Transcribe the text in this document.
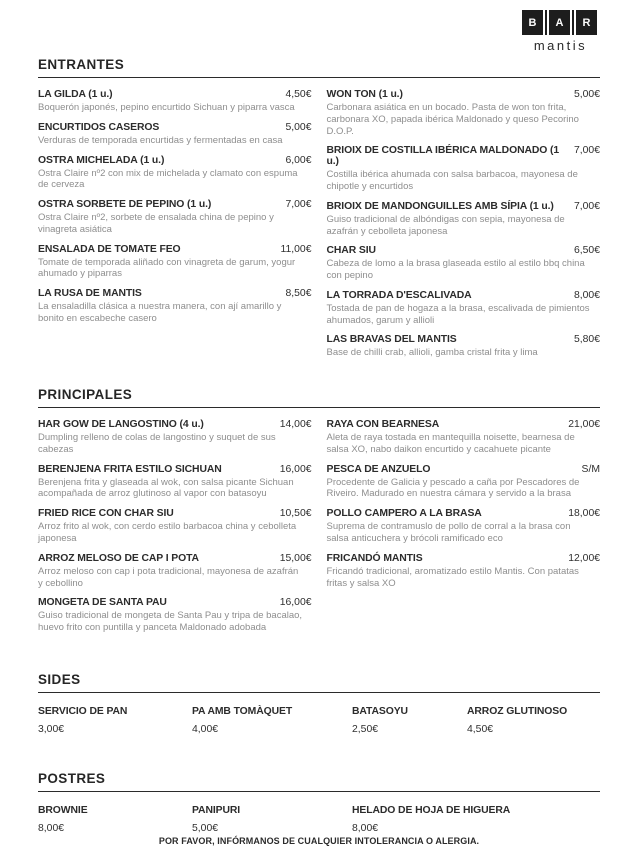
B	A	R
mantis
ENTRANTES
LA GILDA (1 u.)	4,50€
Boquerón japonés, pepino encurtido Sichuan y piparra vasca
ENCURTIDOS CASEROS	5,00€
Verduras de temporada encurtidas y fermentadas en casa
OSTRA MICHELADA (1 u.)	6,00€
Ostra Claire nº2 con mix de michelada y clamato con espuma de cerveza
OSTRA SORBETE DE PEPINO (1 u.)	7,00€
Ostra Claire nº2, sorbete de ensalada china de pepino y vinagreta asiática
ENSALADA DE TOMATE FEO	11,00€
Tomate de temporada aliñado con vinagreta de garum, yogur ahumado y piparras
LA RUSA DE MANTIS	8,50€
La ensaladilla clásica a nuestra manera, con ají amarillo y bonito en escabeche casero
WON TON (1 u.)	5,00€
Carbonara asiática en un bocado. Pasta de won ton frita, carbonara XO, papada ibérica Maldonado y queso Pecorino D.O.P.
BRIOIX DE COSTILLA IBÉRICA MALDONADO (1 u.)
7,00€
Costilla ibérica ahumada con salsa barbacoa, mayonesa de chipotle y encurtidos
BRIOIX DE MANDONGUILLES AMB SÍPIA (1 u.) 7,00€
Guiso tradicional de albóndigas con sepia, mayonesa de azafrán y cebolleta japonesa
CHAR SIU	6,50€
Cabeza de lomo a la brasa glaseada estilo al estilo bbq china con pepino
LA TORRADA D'ESCALIVADA	8,00€
Tostada de pan de hogaza a la brasa, escalivada de pimientos ahumados, garum y allioli
LAS BRAVAS DEL MANTIS	5,80€
Base de chilli crab, allioli, gamba cristal frita y lima
PRINCIPALES
HAR GOW DE LANGOSTINO (4 u.)	14,00€
Dumpling relleno de colas de langostino y suquet de sus cabezas
BERENJENA FRITA ESTILO SICHUAN	16,00€
Berenjena frita y glaseada al wok, con salsa picante Sichuan acompañada de arroz glutinoso al vapor con batasoyu
FRIED RICE CON CHAR SIU	10,50€
Arroz frito al wok, con cerdo estilo barbacoa china y cebolleta japonesa
ARROZ MELOSO DE CAP I POTA	15,00€
Arroz meloso con cap i pota tradicional, mayonesa de azafrán y cebollino
MONGETA DE SANTA PAU	16,00€
Guiso tradicional de mongeta de Santa Pau y tripa de bacalao, huevo frito con puntilla y panceta Maldonado adobada
RAYA CON BEARNESA	21,00€
Aleta de raya tostada en mantequilla noisette, bearnesa de salsa XO, nabo daikon encurtido y cacahuete picante
PESCA DE ANZUELO	S/M
Procedente de Galicia y pescado a caña por Pescadores de Riveiro. Madurado en nuestra cámara y servido a la brasa
POLLO CAMPERO A LA BRASA	18,00€
Suprema de contramuslo de pollo de corral a la brasa con salsa anticuchera y brócoli ramificado eco
FRICANDÓ MANTIS	12,00€
Fricandó tradicional, aromatizado estilo Mantis. Con patatas fritas y salsa XO
SIDES
SERVICIO DE PAN
3,00€
PA AMB TOMÀQUET
4,00€
BATASOYU
2,50€
ARROZ GLUTINOSO
4,50€
POSTRES
BROWNIE
8,00€
PANIPURI
5,00€
HELADO DE HOJA DE HIGUERA
8,00€
POR FAVOR, INFÓRMANOS DE CUALQUIER INTOLERANCIA O ALERGIA.
